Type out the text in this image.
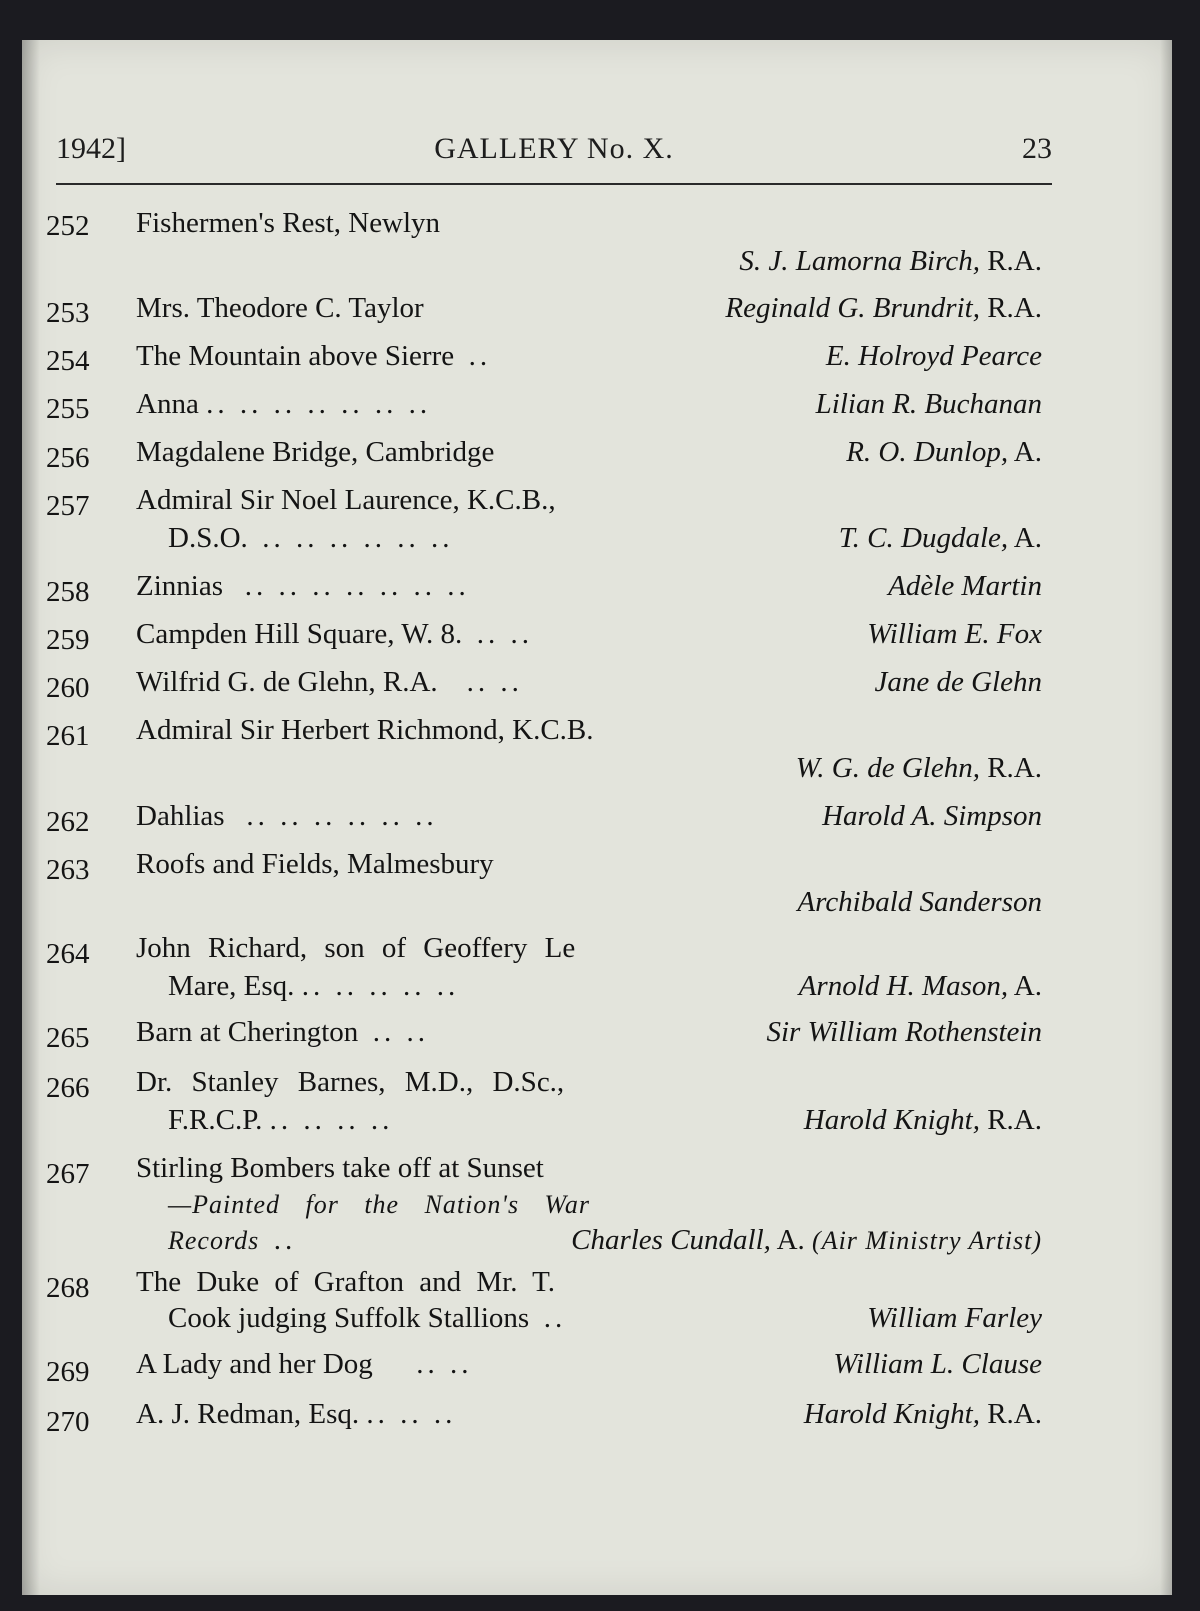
1942]	GALLERY No. X.	23
252 Fishermen's Rest, Newlyn
S. J. Lamorna Birch, R.A.
253 Mrs. Theodore C. Taylor	Reginald G. Brundrit, R.A.
254 The Mountain above Sierre ..	E. Holroyd Pearce
255 Anna .. .. .. .. .. .. ..	Lilian R. Buchanan
256 Magdalene Bridge, Cambridge	R. O. Dunlop, A.
257 Admiral Sir Noel Laurence, K.C.B.,
D.S.O. .. .. .. .. .. ..	T. C. Dugdale, A.
258 Zinnias .. .. .. .. .. .. ..	Adèle Martin
259 Campden Hill Square, W. 8. .. ..	William E. Fox
260 Wilfrid G. de Glehn, R.A. .. ..	Jane de Glehn
261 Admiral Sir Herbert Richmond, K.C.B.
W. G. de Glehn, R.A.
262 Dahlias .. .. .. .. .. ..	Harold A. Simpson
263 Roofs and Fields, Malmesbury
Archibald Sanderson
264 John Richard, son of Geoffery Le
Mare, Esq. .. .. .. .. ..	Arnold H. Mason, A.
265 Barn at Cherington .. ..	Sir William Rothenstein
266 Dr. Stanley Barnes, M.D., D.Sc.,
F.R.C.P. .. .. .. ..	Harold Knight, R.A.
267 Stirling Bombers take off at Sunset
—Painted for the Nation's War
Records ..	Charles Cundall, A. (Air Ministry Artist)
268 The Duke of Grafton and Mr. T.
Cook judging Suffolk Stallions ..	William Farley
269 A Lady and her Dog .. ..	William L. Clause
270 A. J. Redman, Esq. .. .. ..	Harold Knight, R.A.
